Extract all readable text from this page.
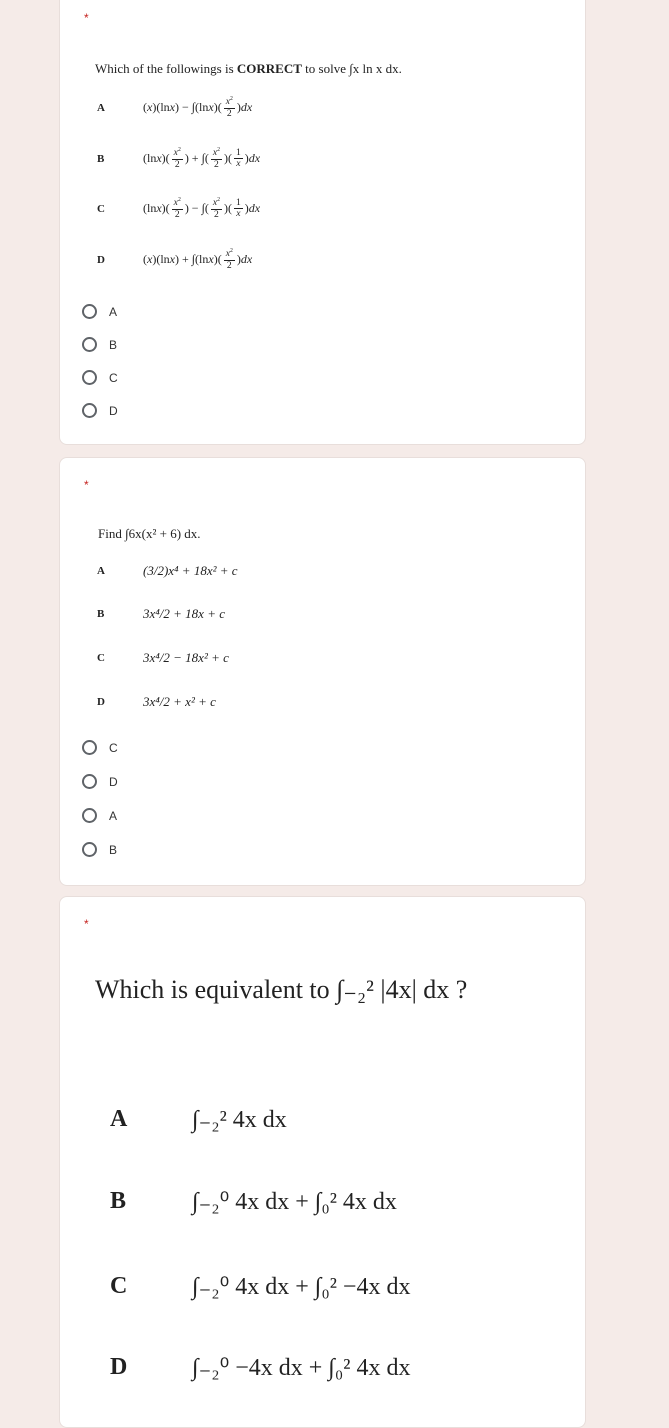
*
Which of the followings is CORRECT to solve ∫x ln x dx.
A	( x )(ln x ) − ∫(ln x )( $\frac{x^2}{2}$ ) dx
B	(ln x )( $\frac{x^2}{2}$ ) + ∫( $\frac{x^2}{2}$ )( $\frac{1}{x}$ ) dx
C	(ln x )( $\frac{x^2}{2}$ ) − ∫( $\frac{x^2}{2}$ )( $\frac{1}{x}$ ) dx
D	( x )(ln x ) + ∫(ln x )( $\frac{x^2}{2}$ ) dx
A
B
C
D
*
Find ∫6x(x² + 6) dx.
A	(3/2)x⁴ + 18x² + c
B	3x⁴/2 + 18x + c
C	3x⁴/2 − 18x² + c
D	3x⁴/2 + x² + c
C
D
A
B
*
Which is equivalent to ∫₋₂² |4x| dx ?
A	∫₋₂² 4x dx
B	∫₋₂⁰ 4x dx + ∫₀² 4x dx
C	∫₋₂⁰ 4x dx + ∫₀² −4x dx
D	∫₋₂⁰ −4x dx + ∫₀² 4x dx
